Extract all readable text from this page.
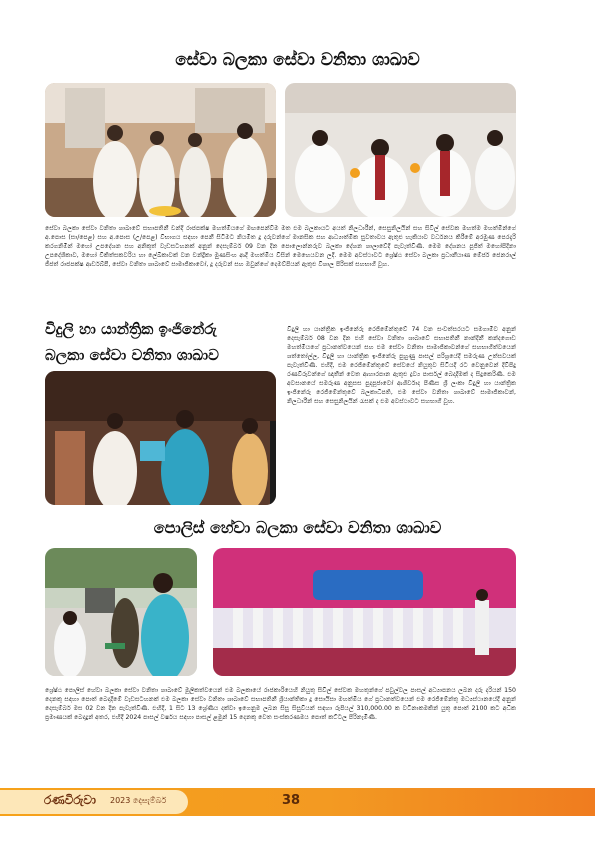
සේවා බලකා සේවා වනිතා ශාඛාව

සේවා බලකා සේවා වනිතා ශාඛාවේ සභාපතිනී චන්දි රාජපක්ෂ මහත්මියගේ මඟපෙන්වීම මත එම බලකායට අයත් නිලධාරීන්, සෙසුනිලයින් සහ සිවිල් සේවක මහත්ම මහත්මීන්ගේ අ.පොස (සා/පෙළ) සහ අ.පොස (උ/පෙළ) විභාගය සඳහා පෙනී සිටීමට නියමිත දූ දරුවන්ගේ මානසික සහ ආධ්‍යාත්මික සුවතාවය ඇතුළු හැකියාව වර්ධනය කිරීමේ අරමුණ පෙරදැරි කරගනිමින් මහෝ උපදේශන සහ අනිකුත් වැඩසටහනක් අනුන් දෙසැම්බර් 09 වන දින පොලොන්නරුව බලකා දේශන ශාලාවේදී පැවැත්විණි. මෙම දේශනය පූජිත් මහෝපිදිනා උපදේශිකාව, මහෝ චිකිත්සකවරිය හා ලේඛිකාවක් වන චන්ද්‍රිකා මුණසිංහ ආදී මහත්මිය විසින් මෙහෙයවන ලදී. මෙම අවස්ථාවට ශ්‍රේෂ්ඨ සේවා බලකා ප්‍රධානීයාණ මේජර් ජෙනරාල් ජීජත් රාජපක්ෂ ආර්ඩබ්පී, සේවා වනිතා ශාඛාවේ සාමාජිකාවෝ, දූ දරුවන් සහ ඔවුන්ගේ දෙමව්පියන් ඇතුළු විශාල පිරිසක් සහභාගී වූහ.

විදුලි හා යාන්ත්‍රික ඉංජිනේරු
බලකා සේවා වනිතා ශාඛාව

විදුලි හා යාන්ත්‍රික ඉංජිනේරු රෙජිමේන්තුවේ 74 වන සංවත්සරයට සමගාමීව අනුන් දෙසැම්බර් 08 වන දින එහි සේවා වනිතා ශාඛාවේ සභාපතිනී නාන්දිනී කන්දගොඩ මහත්මියගේ ප්‍රධානත්වයෙන් සහ එම සේවා වනිතා සාමාජිකාවන්ගේ සහභාගීත්වයෙන් ශත්තෝල්ල, විදුලි හා යාන්ත්‍රික ඉංජිනේරු පුහුණු පාසල් පරිශ්‍රයේදී සමරුණ උත්සවයක් පැවැත්විණි. එහිදී, එම රෙජිමේන්තුවේ සේවයේ නියුතුව සිටියදී රට වෙනුවෙන් දිවිපිදු රණවිරුවන්ගේ ඥාතීන් වෙත ආහාරපාන ඇතුළු ද්‍රව්‍ය පාර්සල් බෙදාදීමක් ද සිදුකෙරිණි. එම අවසානයේ සමරුණ අනුසස පුදපූජාවෝ ආශිර්වාද පිණිස ශ්‍රී ලංකා විදුලි හා යාන්ත්‍රික ඉංජිනේරු රෙජිමේන්තුවේ බලකාධිපති, එම සේවා වනිතා ශාඛාවේ සාමාජිකාවන්, නිලධාරීන් සහ සෙසුනිලයින් රැසක් ද එම අවස්ථාවට සහභාගී වූහ.

පොලිස් හේවා බලකා සේවා වනිතා ශාඛාව

ශ්‍රේෂ්ඨ පොලිස් හේවා බලකා සේවා වනිතා ශාඛාවේ මූලිකත්වයෙන් එම බලකායේ රාජකාරියෙහි නියුතු සිවිල් සේවක මහතුන්ගේ පවුල්වල පාසල් අධ්‍යාපනය ලබන දරු දරියන් 150 දෙනකු සඳහා පොත් බෙදාදීමේ වැඩසටහනක් එම බලකා සේවා වනිතා ශාඛාවේ සභාපතිනී ශ්‍රියාන්තිකා දූ සොයිසා මහත්මිය ගේ ප්‍රධානත්වයෙන් එම රෙජිමේන්තු මධ්‍යස්ථානයේදී අනුන් දෙසැම්බර් මස 02 වන දින පැවැත්විණි. එහිදී, 1 සිට 13 ශ්‍රේණිය දක්වා ඉගෙනුම ලබන සිසු සිසුවියන් සඳහා රුපියල් 310,000.00 ක වටිනාකමකින් යුතු පොත් 2100 කට අධික ප්‍රමාණයක් බෙදාදුන් අතර, එහිදී 2024 පාසල් වර්ෂය සඳහා පාසල් ළමුන් 15 දෙනකු වෙත සංස්කරණමය පොත් කට්ටල පිරිනැමිණි.

රණවිරුවා 2023 දෙසැම්බර්	38
